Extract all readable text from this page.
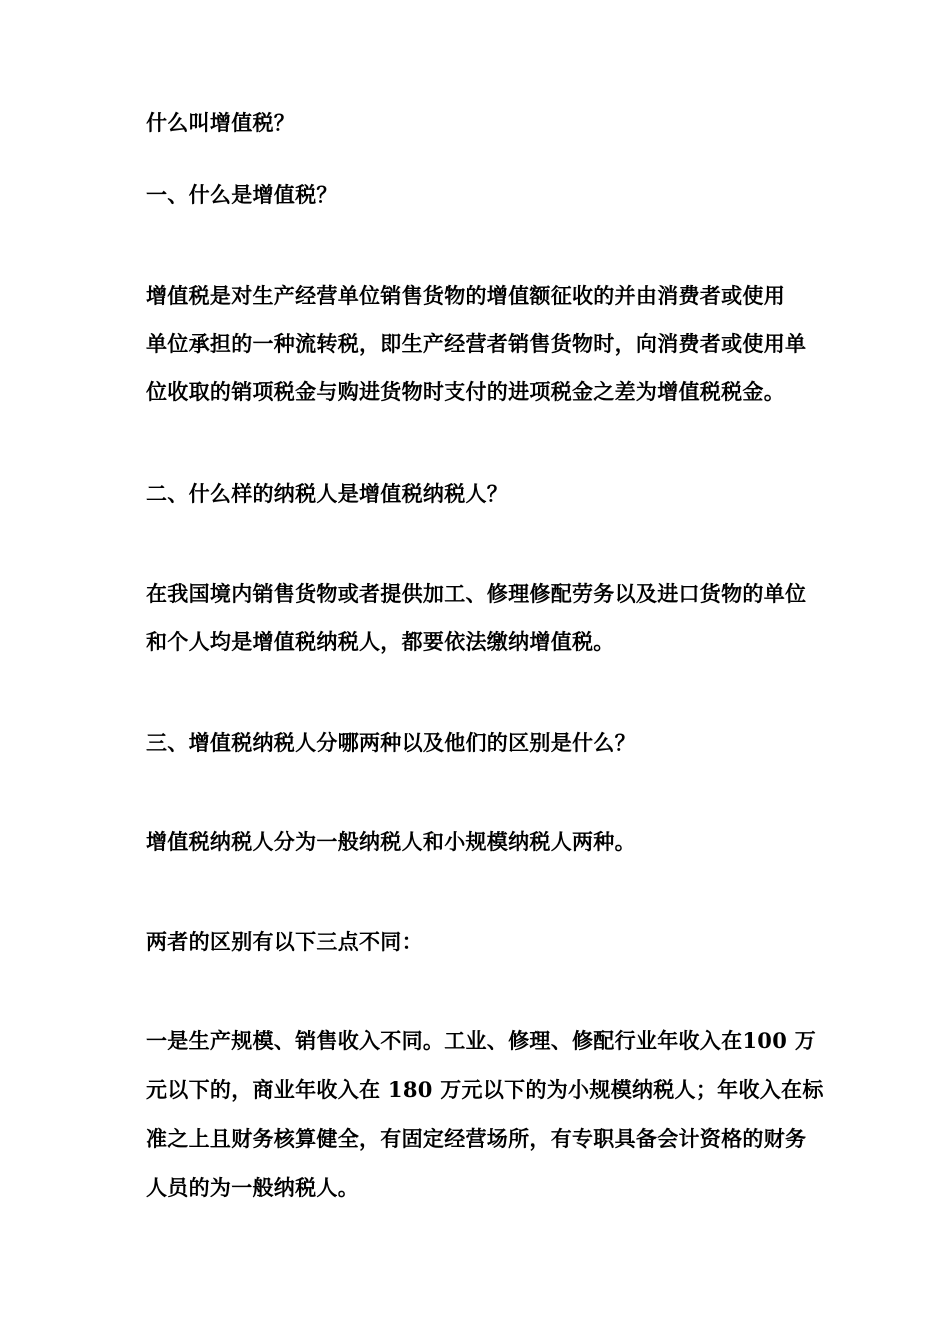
什么叫增值税？
一、什么是增值税？
增值税是对生产经营单位销售货物的增值额征收的并由消费者或使用
单位承担的一种流转税，即生产经营者销售货物时，向消费者或使用单
位收取的销项税金与购进货物时支付的进项税金之差为增值税税金。
二、什么样的纳税人是增值税纳税人？
在我国境内销售货物或者提供加工、修理修配劳务以及进口货物的单位
和个人均是增值税纳税人，都要依法缴纳增值税。
三、增值税纳税人分哪两种以及他们的区别是什么？
增值税纳税人分为一般纳税人和小规模纳税人两种。
两者的区别有以下三点不同：
一是生产规模、销售收入不同。工业、修理、修配行业年收入在100 万
元以下的，商业年收入在 180 万元以下的为小规模纳税人；年收入在标
准之上且财务核算健全，有固定经营场所，有专职具备会计资格的财务
人员的为一般纳税人。
